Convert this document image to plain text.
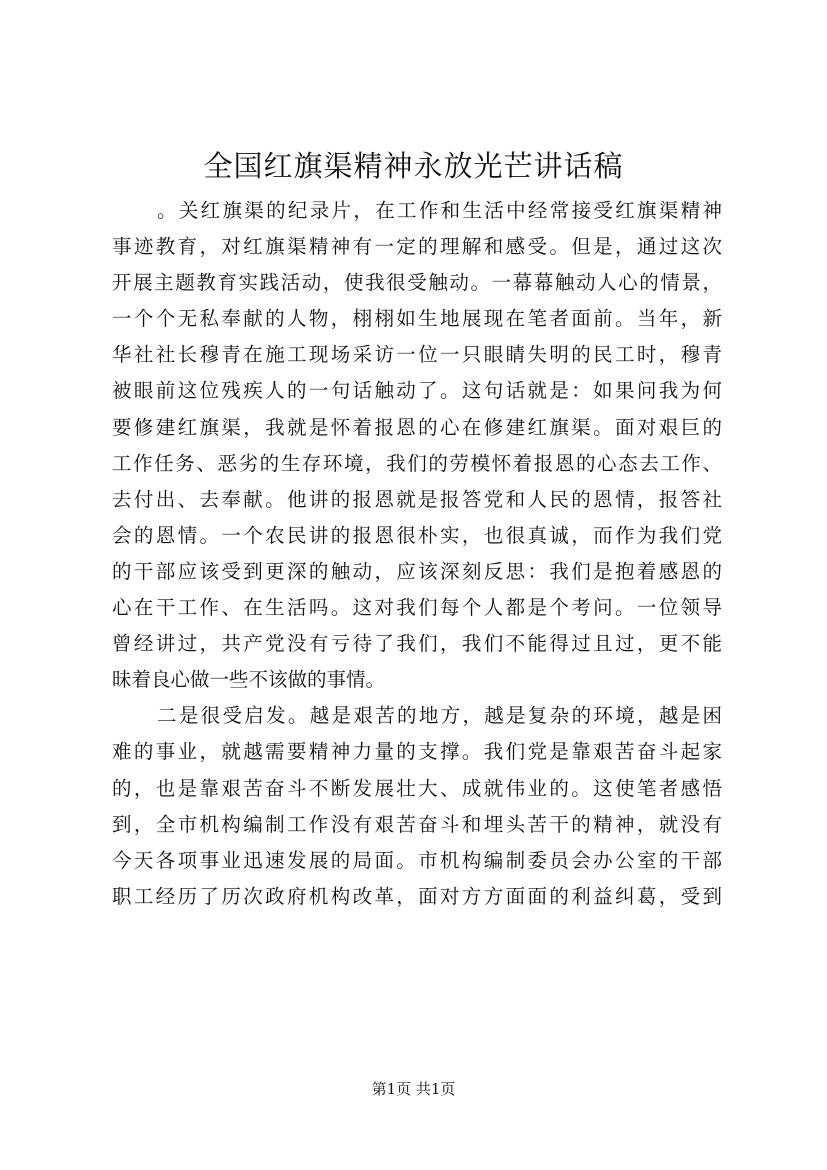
全国红旗渠精神永放光芒讲话稿
。关红旗渠的纪录片，在工作和生活中经常接受红旗渠精神
事迹教育，对红旗渠精神有一定的理解和感受。但是，通过这次
开展主题教育实践活动，使我很受触动。一幕幕触动人心的情景，
一个个无私奉献的人物，栩栩如生地展现在笔者面前。当年，新
华社社长穆青在施工现场采访一位一只眼睛失明的民工时，穆青
被眼前这位残疾人的一句话触动了。这句话就是：如果问我为何
要修建红旗渠，我就是怀着报恩的心在修建红旗渠。面对艰巨的
工作任务、恶劣的生存环境，我们的劳模怀着报恩的心态去工作、
去付出、去奉献。他讲的报恩就是报答党和人民的恩情，报答社
会的恩情。一个农民讲的报恩很朴实，也很真诚，而作为我们党
的干部应该受到更深的触动，应该深刻反思：我们是抱着感恩的
心在干工作、在生活吗。这对我们每个人都是个考问。一位领导
曾经讲过，共产党没有亏待了我们，我们不能得过且过，更不能
昧着良心做一些不该做的事情。
二是很受启发。越是艰苦的地方，越是复杂的环境，越是困
难的事业，就越需要精神力量的支撑。我们党是靠艰苦奋斗起家
的，也是靠艰苦奋斗不断发展壮大、成就伟业的。这使笔者感悟
到，全市机构编制工作没有艰苦奋斗和埋头苦干的精神，就没有
今天各项事业迅速发展的局面。市机构编制委员会办公室的干部
职工经历了历次政府机构改革，面对方方面面的利益纠葛，受到
第1页 共1页
